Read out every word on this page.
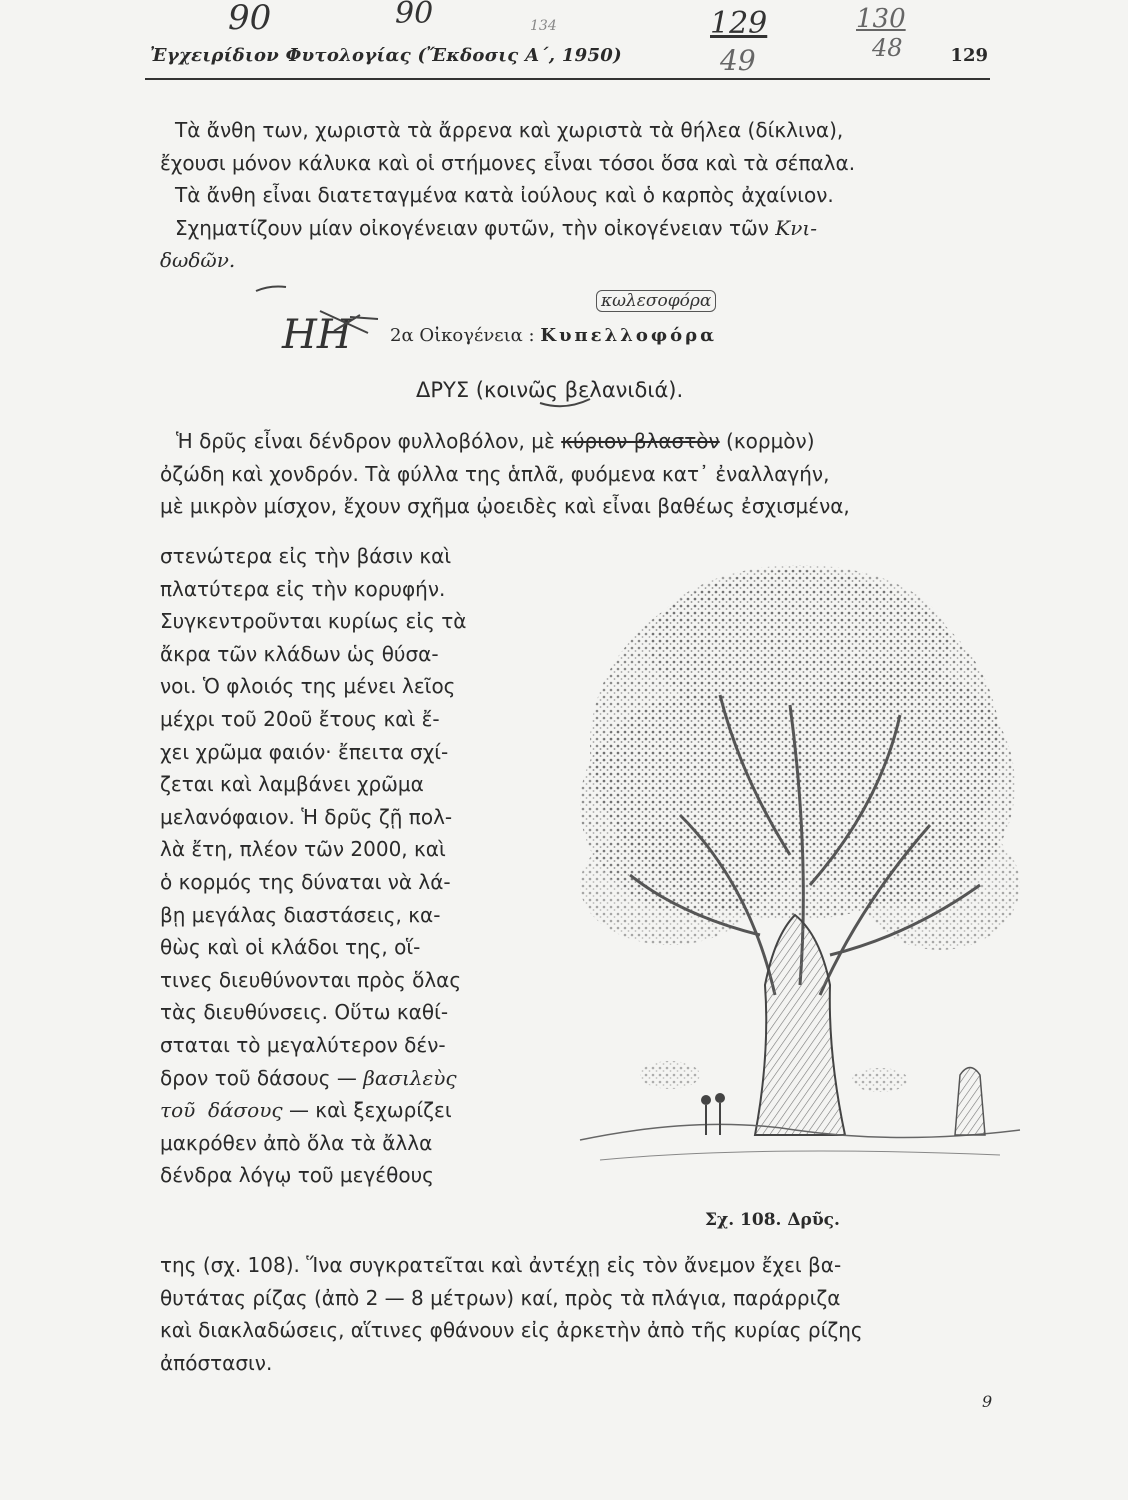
Ἐγχειρίδιον Φυτολογίας (Ἔκδοσις Α΄, 1950)	129
90	90	134	129
49
130
48
ΗΗ
κωλεσοφόρα
Τὰ ἄνθη των, χωριστὰ τὰ ἄρρενα καὶ χωριστὰ τὰ θήλεα (δίκλινα),
ἔχουσι μόνον κάλυκα καὶ οἱ στήμονες εἶναι τόσοι ὅσα καὶ τὰ σέπαλα.
Τὰ ἄνθη εἶναι διατεταγμένα κατὰ ἰούλους καὶ ὁ καρπὸς ἀχαίνιον.
Σχηματίζουν μίαν οἰκογένειαν φυτῶν, τὴν οἰκογένειαν τῶν Κνι-
δωδῶν.
2α Οἰκογένεια : Κυπελλοφόρα
ΔΡΥΣ (κοινῶς βελανιδιά).
Ἡ δρῦς εἶναι δένδρον φυλλοβόλον, μὲ κύριον βλαστὸν (κορμὸν)
ὀζώδη καὶ χονδρόν. Τὰ φύλλα της ἁπλᾶ, φυόμενα κατ᾽ ἐναλλαγήν,
μὲ μικρὸν μίσχον, ἔχουν σχῆμα ᾠοειδὲς καὶ εἶναι βαθέως ἐσχισμένα,
στενώτερα εἰς τὴν βάσιν καὶ
πλατύτερα εἰς τὴν κορυφήν.
Συγκεντροῦνται κυρίως εἰς τὰ
ἄκρα τῶν κλάδων ὡς θύσα-
νοι. Ὁ φλοιός της μένει λεῖος
μέχρι τοῦ 20οῦ ἔτους καὶ ἔ-
χει χρῶμα φαιόν· ἔπειτα σχί-
ζεται καὶ λαμβάνει χρῶμα
μελανόφαιον. Ἡ δρῦς ζῇ πολ-
λὰ ἔτη, πλέον τῶν 2000, καὶ
ὁ κορμός της δύναται νὰ λά-
βῃ μεγάλας διαστάσεις, κα-
θὼς καὶ οἱ κλάδοι της, οἵ-
τινες διευθύνονται πρὸς ὅλας
τὰς διευθύνσεις. Οὕτω καθί-
σταται τὸ μεγαλύτερον δέν-
δρον τοῦ δάσους — βασιλεὺς
τοῦ δάσους — καὶ ξεχωρίζει
μακρόθεν ἀπὸ ὅλα τὰ ἄλλα
δένδρα λόγῳ τοῦ μεγέθους
Σχ. 108. Δρῦς.
της (σχ. 108). Ἵνα συγκρατεῖται καὶ ἀντέχῃ εἰς τὸν ἄνεμον ἔχει βα-
θυτάτας ρίζας (ἀπὸ 2 — 8 μέτρων) καί, πρὸς τὰ πλάγια, παράρριζα
καὶ διακλαδώσεις, αἵτινες φθάνουν εἰς ἀρκετὴν ἀπὸ τῆς κυρίας ρίζης
ἀπόστασιν.
9
